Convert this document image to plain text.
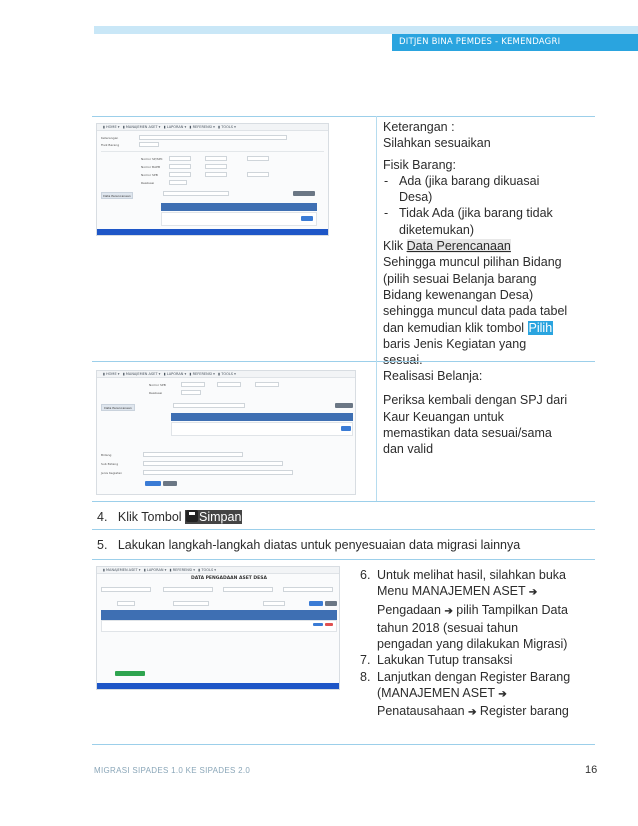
DITJEN BINA PEMDES - KEMENDAGRI
▮ HOME ▾   ▮ MANAJEMEN ASET ▾   ▮ LAPORAN ▾   ▮ REFERENSI ▾   ▮ TOOLS ▾
Keterangan
Fisik Barang
Nomor SP/SPK
Nomor BAPB
Nomor SPB
Realisasi
Data Perencanaan

Keterangan :

Silahkan sesuaikan

Fisik Barang:

- Ada (jika barang dikuasai Desa)
- Tidak Ada (jika barang tidak diketemukan)

Klik Data Perencanaan

Sehingga muncul pilihan Bidang (pilih sesuai Belanja barang Bidang kewenangan Desa) sehingga muncul data pada tabel dan kemudian klik tombol Pilih baris Jenis Kegiatan yang

▮ HOME ▾   ▮ MANAJEMEN ASET ▾   ▮ LAPORAN ▾   ▮ REFERENSI ▾   ▮ TOOLS ▾
Nomor SPB
Realisasi
Data Perencanaan
Bidang
Sub Bidang
Jenis Kegiatan

Realisasi Belanja:

Periksa kembali dengan SPJ dari Kaur Keuangan untuk memastikan data sesuai/sama dan valid

4. Klik Tombol Simpan
5. Lakukan langkah-langkah diatas untuk penyesuaian data migrasi lainnya
▮ MANAJEMEN ASET ▾   ▮ LAPORAN ▾   ▮ REFERENSI ▾   ▮ TOOLS ▾
DATA PENGADAAN ASET DESA	6. Untuk melihat hasil, silahkan buka Menu MANAJEMEN ASET ➔ Pengadaan ➔ pilih Tampilkan Data tahun 2018 (sesuai tahun pengadan yang dilakukan Migrasi)
7. Lakukan Tutup transaksi
8. Lanjutkan dengan Register Barang (MANAJEMEN ASET ➔ Penatausahaan ➔ Register barang
MIGRASI SIPADES 1.0 KE SIPADES 2.0	16
